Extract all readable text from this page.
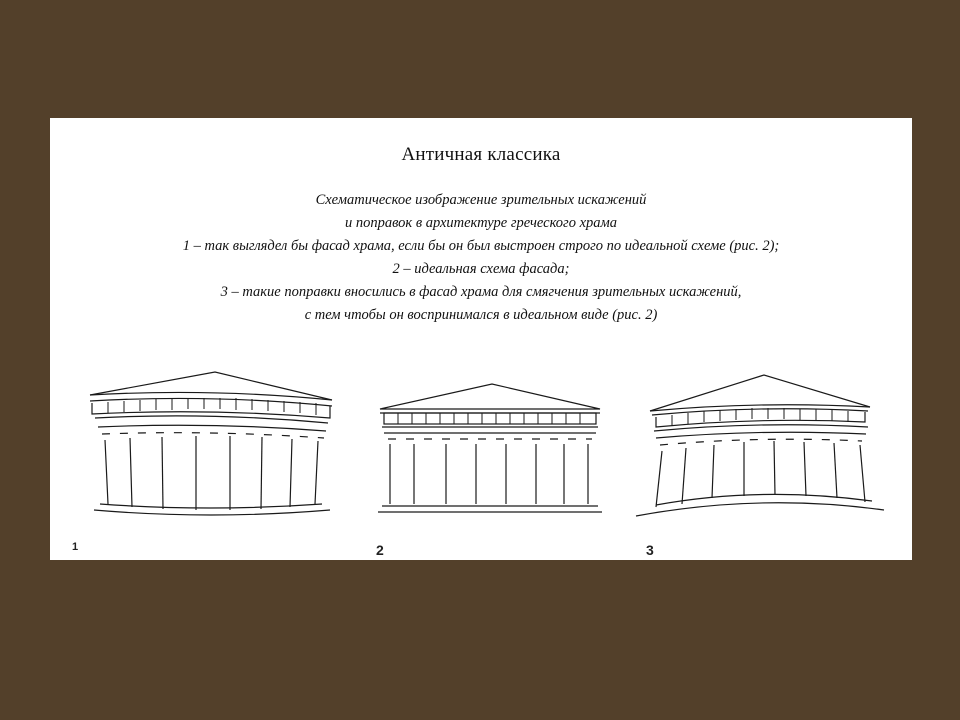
Античная классика
Схематическое изображение зрительных искажений
и поправок в архитектуре греческого храма
1 – так выглядел бы фасад храма, если бы он был выстроен строго по идеальной схеме (рис. 2);
2 – идеальная схема фасада;
3 – такие поправки вносились в фасад храма для смягчения зрительных искажений,
с тем чтобы он воспринимался в идеальном виде (рис. 2)
1	2	3
